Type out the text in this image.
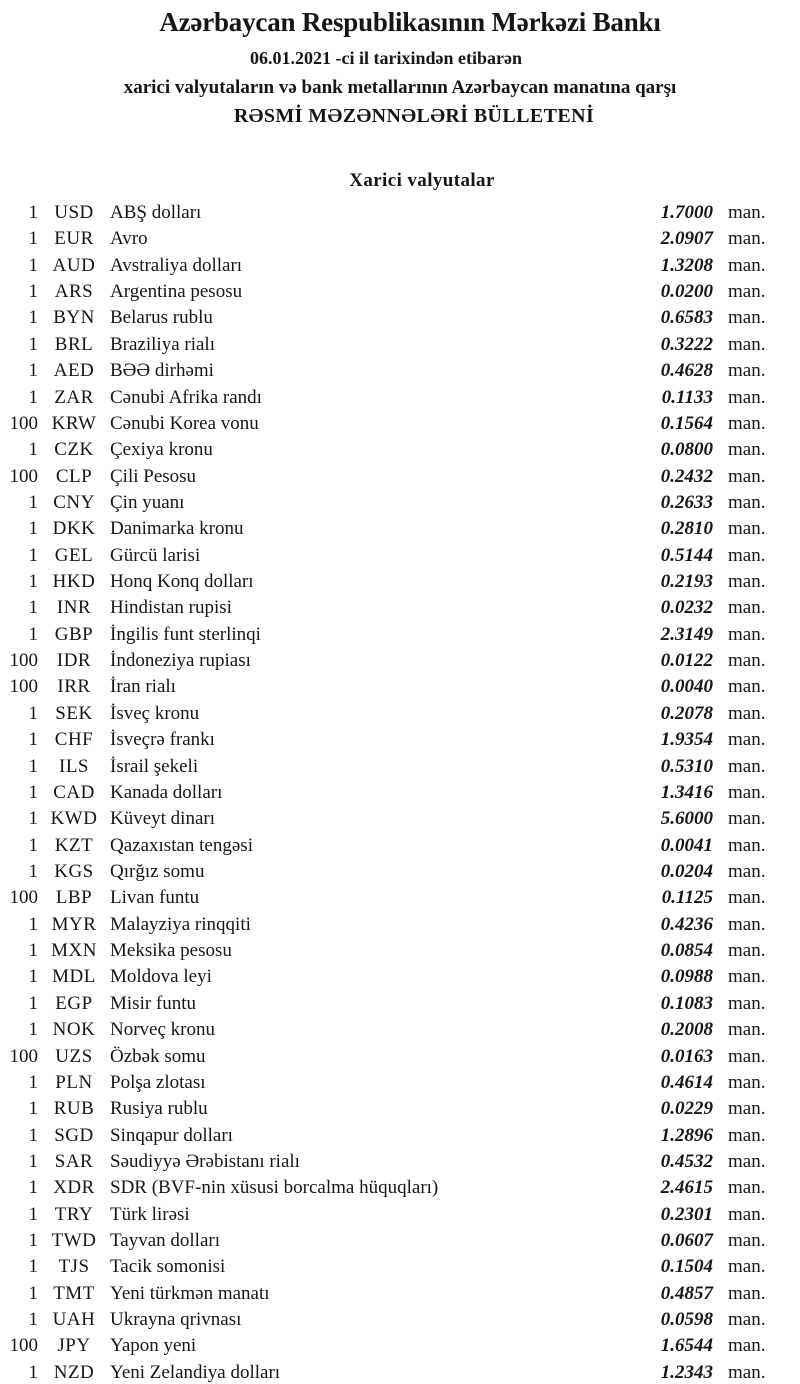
Azərbaycan Respublikasının Mərkəzi Bankı
06.01.2021 -ci il tarixindən etibarən
xarici valyutaların və bank metallarının Azərbaycan manatına qarşı
RƏSMİ MƏZƏNNƏLƏRİ BÜLLETENİ
Xarici valyutalar
1 USD ABŞ dolları	1.7000 man.
1 EUR Avro	2.0907 man.
1 AUD Avstraliya dolları	1.3208 man.
1 ARS Argentina pesosu	0.0200 man.
1 BYN Belarus rublu	0.6583 man.
1 BRL Braziliya rialı	0.3222 man.
1 AED BƏƏ dirhəmi	0.4628 man.
1 ZAR Cənubi Afrika randı	0.1133 man.
100 KRW Cənubi Korea vonu	0.1564 man.
1 CZK Çexiya kronu	0.0800 man.
100 CLP Çili Pesosu	0.2432 man.
1 CNY Çin yuanı	0.2633 man.
1 DKK Danimarka kronu	0.2810 man.
1 GEL Gürcü larisi	0.5144 man.
1 HKD Honq Konq dolları	0.2193 man.
1 INR Hindistan rupisi	0.0232 man.
1 GBP İngilis funt sterlinqi	2.3149 man.
100 IDR İndoneziya rupiası	0.0122 man.
100	IRR	İran rialı	0.0040 man.
1 SEK İsveç kronu	0.2078 man.
1 CHF İsveçrə frankı	1.9354 man.
1	ILS	İsrail şekeli	0.5310 man.
1 CAD Kanada dolları	1.3416 man.
1 KWD Küveyt dinarı	5.6000 man.
1 KZT Qazaxıstan tengəsi	0.0041 man.
1 KGS Qırğız somu	0.0204 man.
100 LBP Livan funtu	0.1125 man.
1 MYR Malayziya rinqqiti	0.4236 man.
1 MXN Meksika pesosu	0.0854 man.
1 MDL Moldova leyi	0.0988 man.
1 EGP Misir funtu	0.1083 man.
1 NOK Norveç kronu	0.2008 man.
100 UZS Özbək somu	0.0163 man.
1 PLN Polşa zlotası	0.4614 man.
1 RUB Rusiya rublu	0.0229 man.
1 SGD Sinqapur dolları	1.2896 man.
1 SAR Səudiyyə Ərəbistanı rialı	0.4532 man.
1 XDR SDR (BVF-nin xüsusi borcalma hüquqları)	2.4615 man.
1 TRY Türk lirəsi	0.2301 man.
1 TWD Tayvan dolları	0.0607 man.
1	TJS	Tacik somonisi	0.1504 man.
1 TMT Yeni türkmən manatı	0.4857 man.
1 UAH Ukrayna qrivnası	0.0598 man.
100	JPY	Yapon yeni	1.6544 man.
1 NZD Yeni Zelandiya dolları	1.2343 man.
